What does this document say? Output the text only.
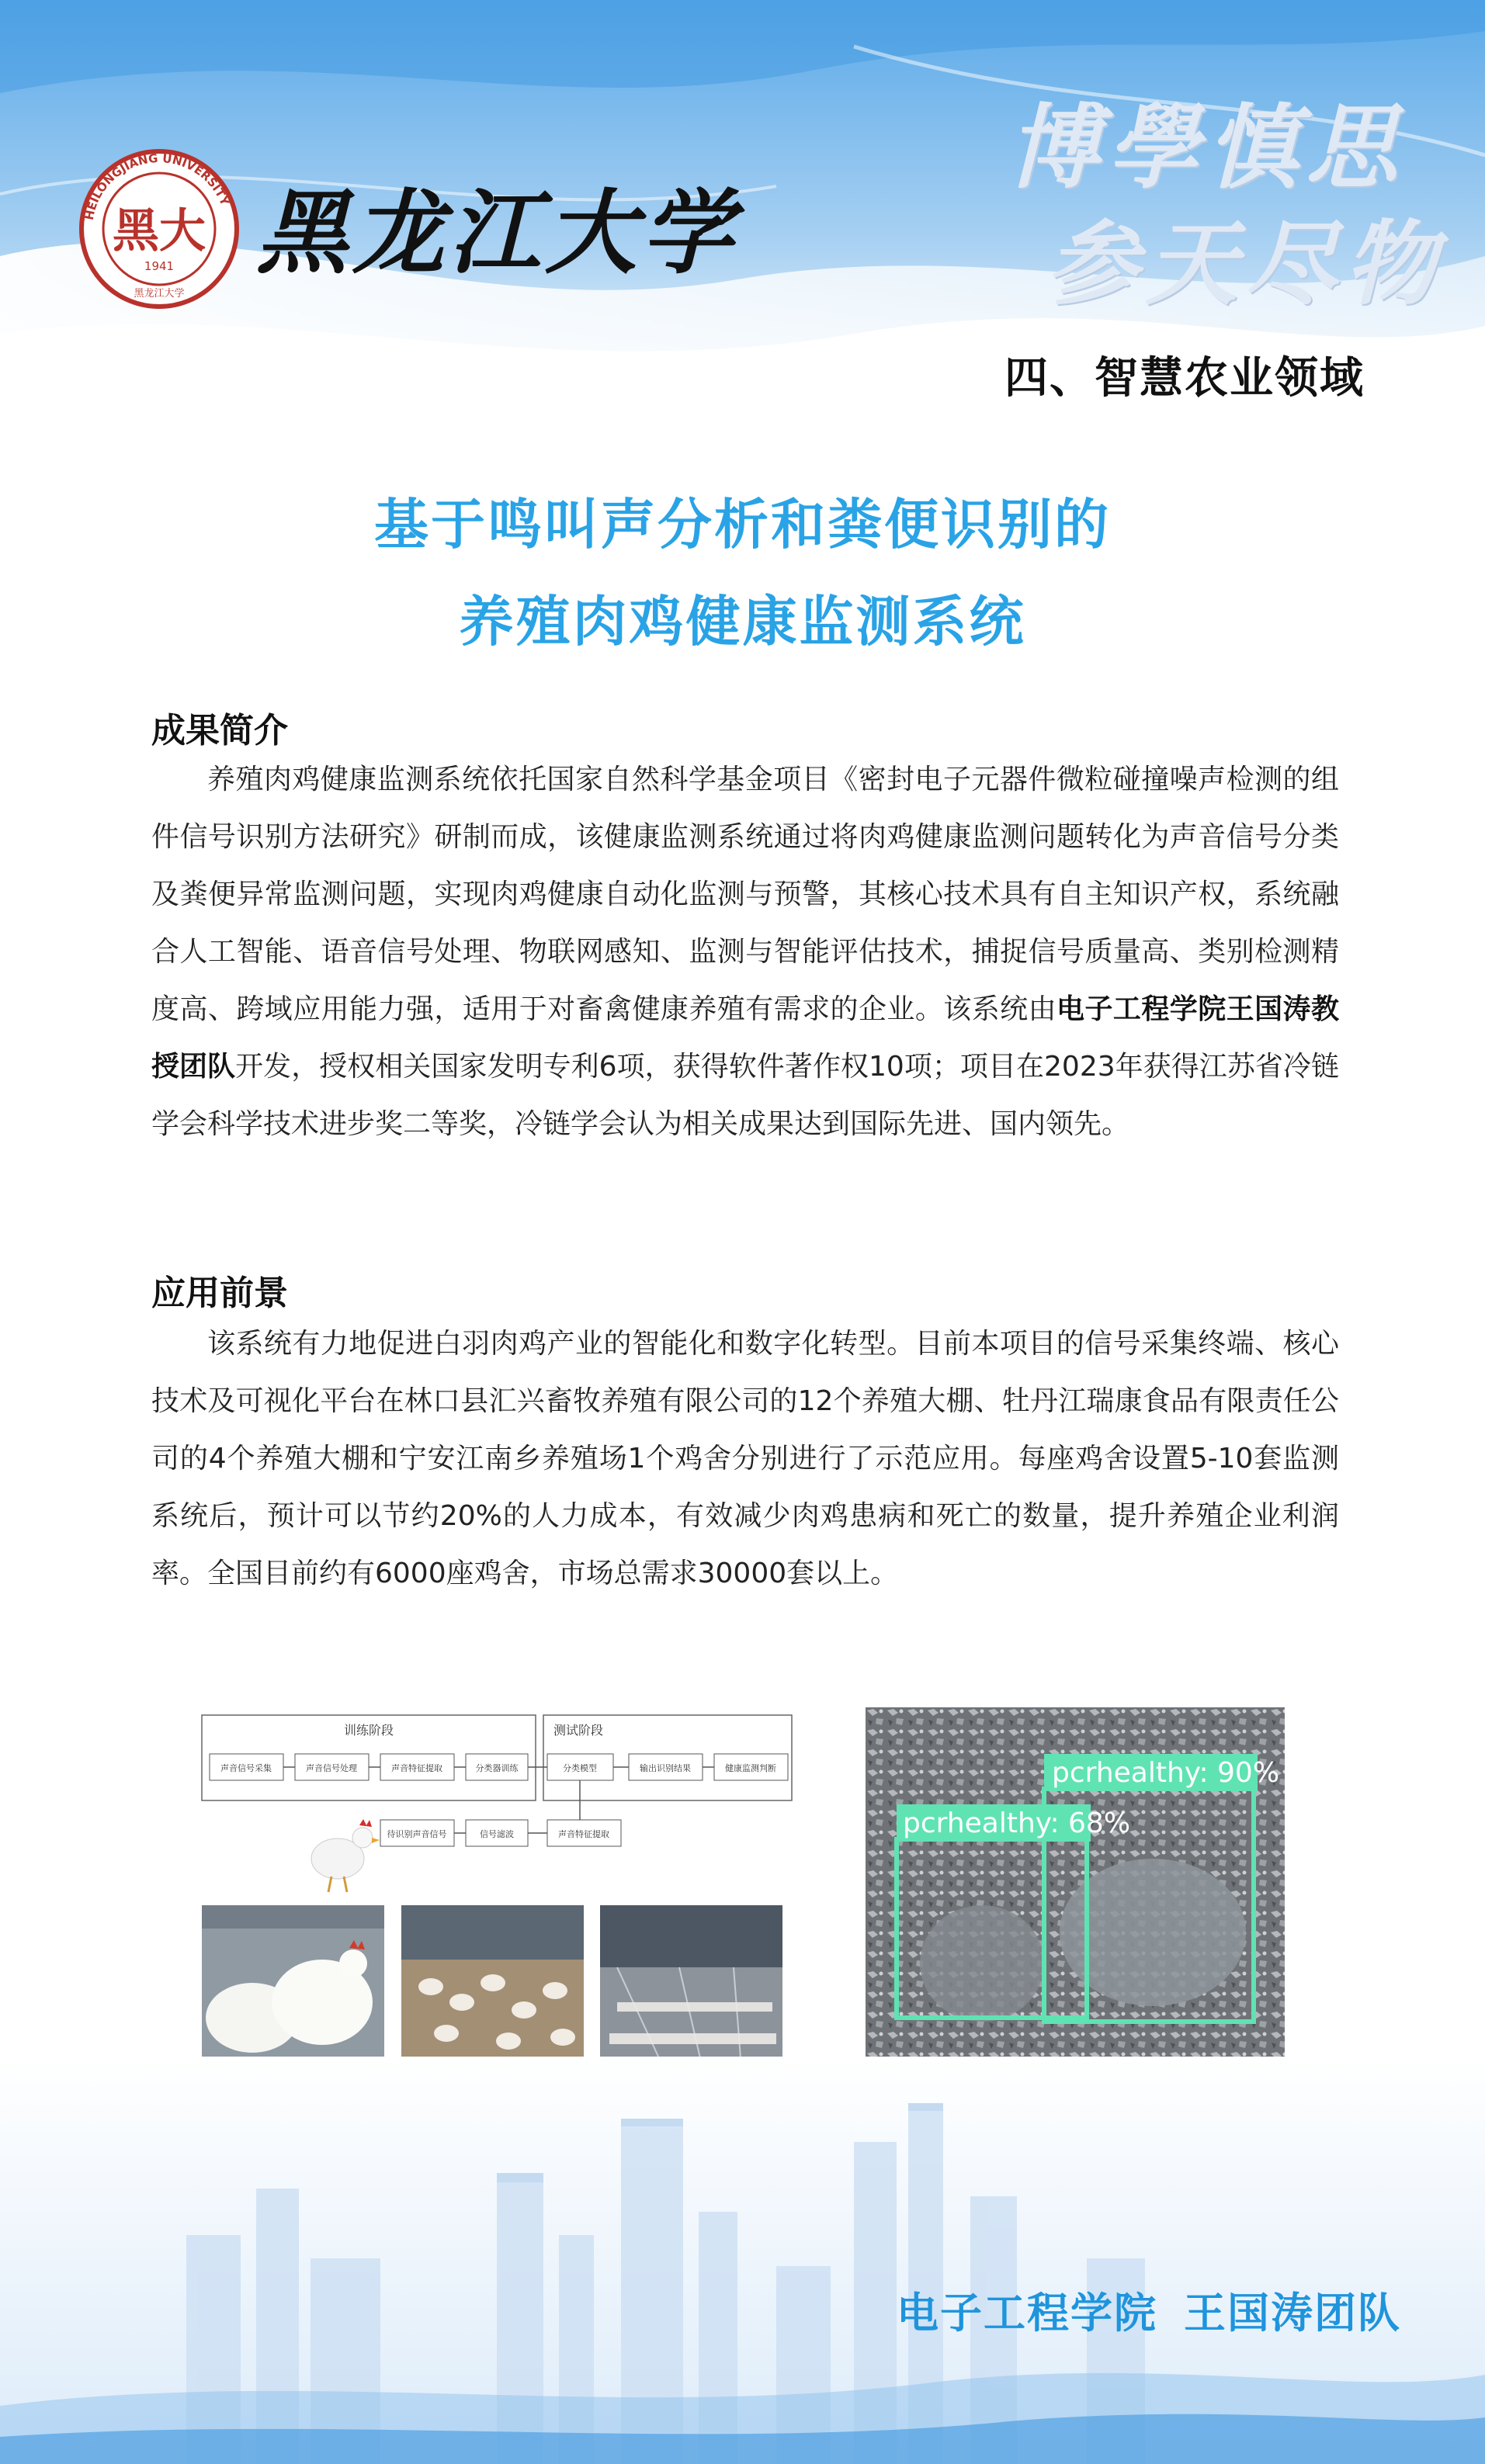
HEILONGJIANG UNIVERSITY
黑大
1941
黑龙江大学
黑龙江大学
博學慎思
参天尽物
四、智慧农业领域
基于鸣叫声分析和粪便识别的
养殖肉鸡健康监测系统
成果简介

养殖肉鸡健康监测系统依托国家自然科学基金项目《密封电子元器件微粒碰撞噪声检测的组件信号识别方法研究》研制而成，该健康监测系统通过将肉鸡健康监测问题转化为声音信号分类及粪便异常监测问题，实现肉鸡健康自动化监测与预警，其核心技术具有自主知识产权，系统融合人工智能、语音信号处理、物联网感知、监测与智能评估技术，捕捉信号质量高、类别检测精度高、跨域应用能力强，适用于对畜禽健康养殖有需求的企业。该系统由电子工程学院王国涛教授团队开发，授权相关国家发明专利6项，获得软件著作权10项；项目在2023年获得江苏省冷链学会科学技术进步奖二等奖，冷链学会认为相关成果达到国际先进、国内领先。

应用前景

该系统有力地促进白羽肉鸡产业的智能化和数字化转型。目前本项目的信号采集终端、核心技术及可视化平台在林口县汇兴畜牧养殖有限公司的12个养殖大棚、牡丹江瑞康食品有限责任公司的4个养殖大棚和宁安江南乡养殖场1个鸡舍分别进行了示范应用。每座鸡舍设置5-10套监测系统后，预计可以节约20%的人力成本，有效减少肉鸡患病和死亡的数量，提升养殖企业利润率。全国目前约有6000座鸡舍，市场总需求30000套以上。

训练阶段
声音信号采集	声音信号处理	声音特征提取	分类器训练
测试阶段
分类模型	输出识别结果	健康监测判断
待识别声音信号	信号滤波	声音特征提取
pcrhealthy: 90%
pcrhealthy: 68%
电子工程学院 王国涛团队
